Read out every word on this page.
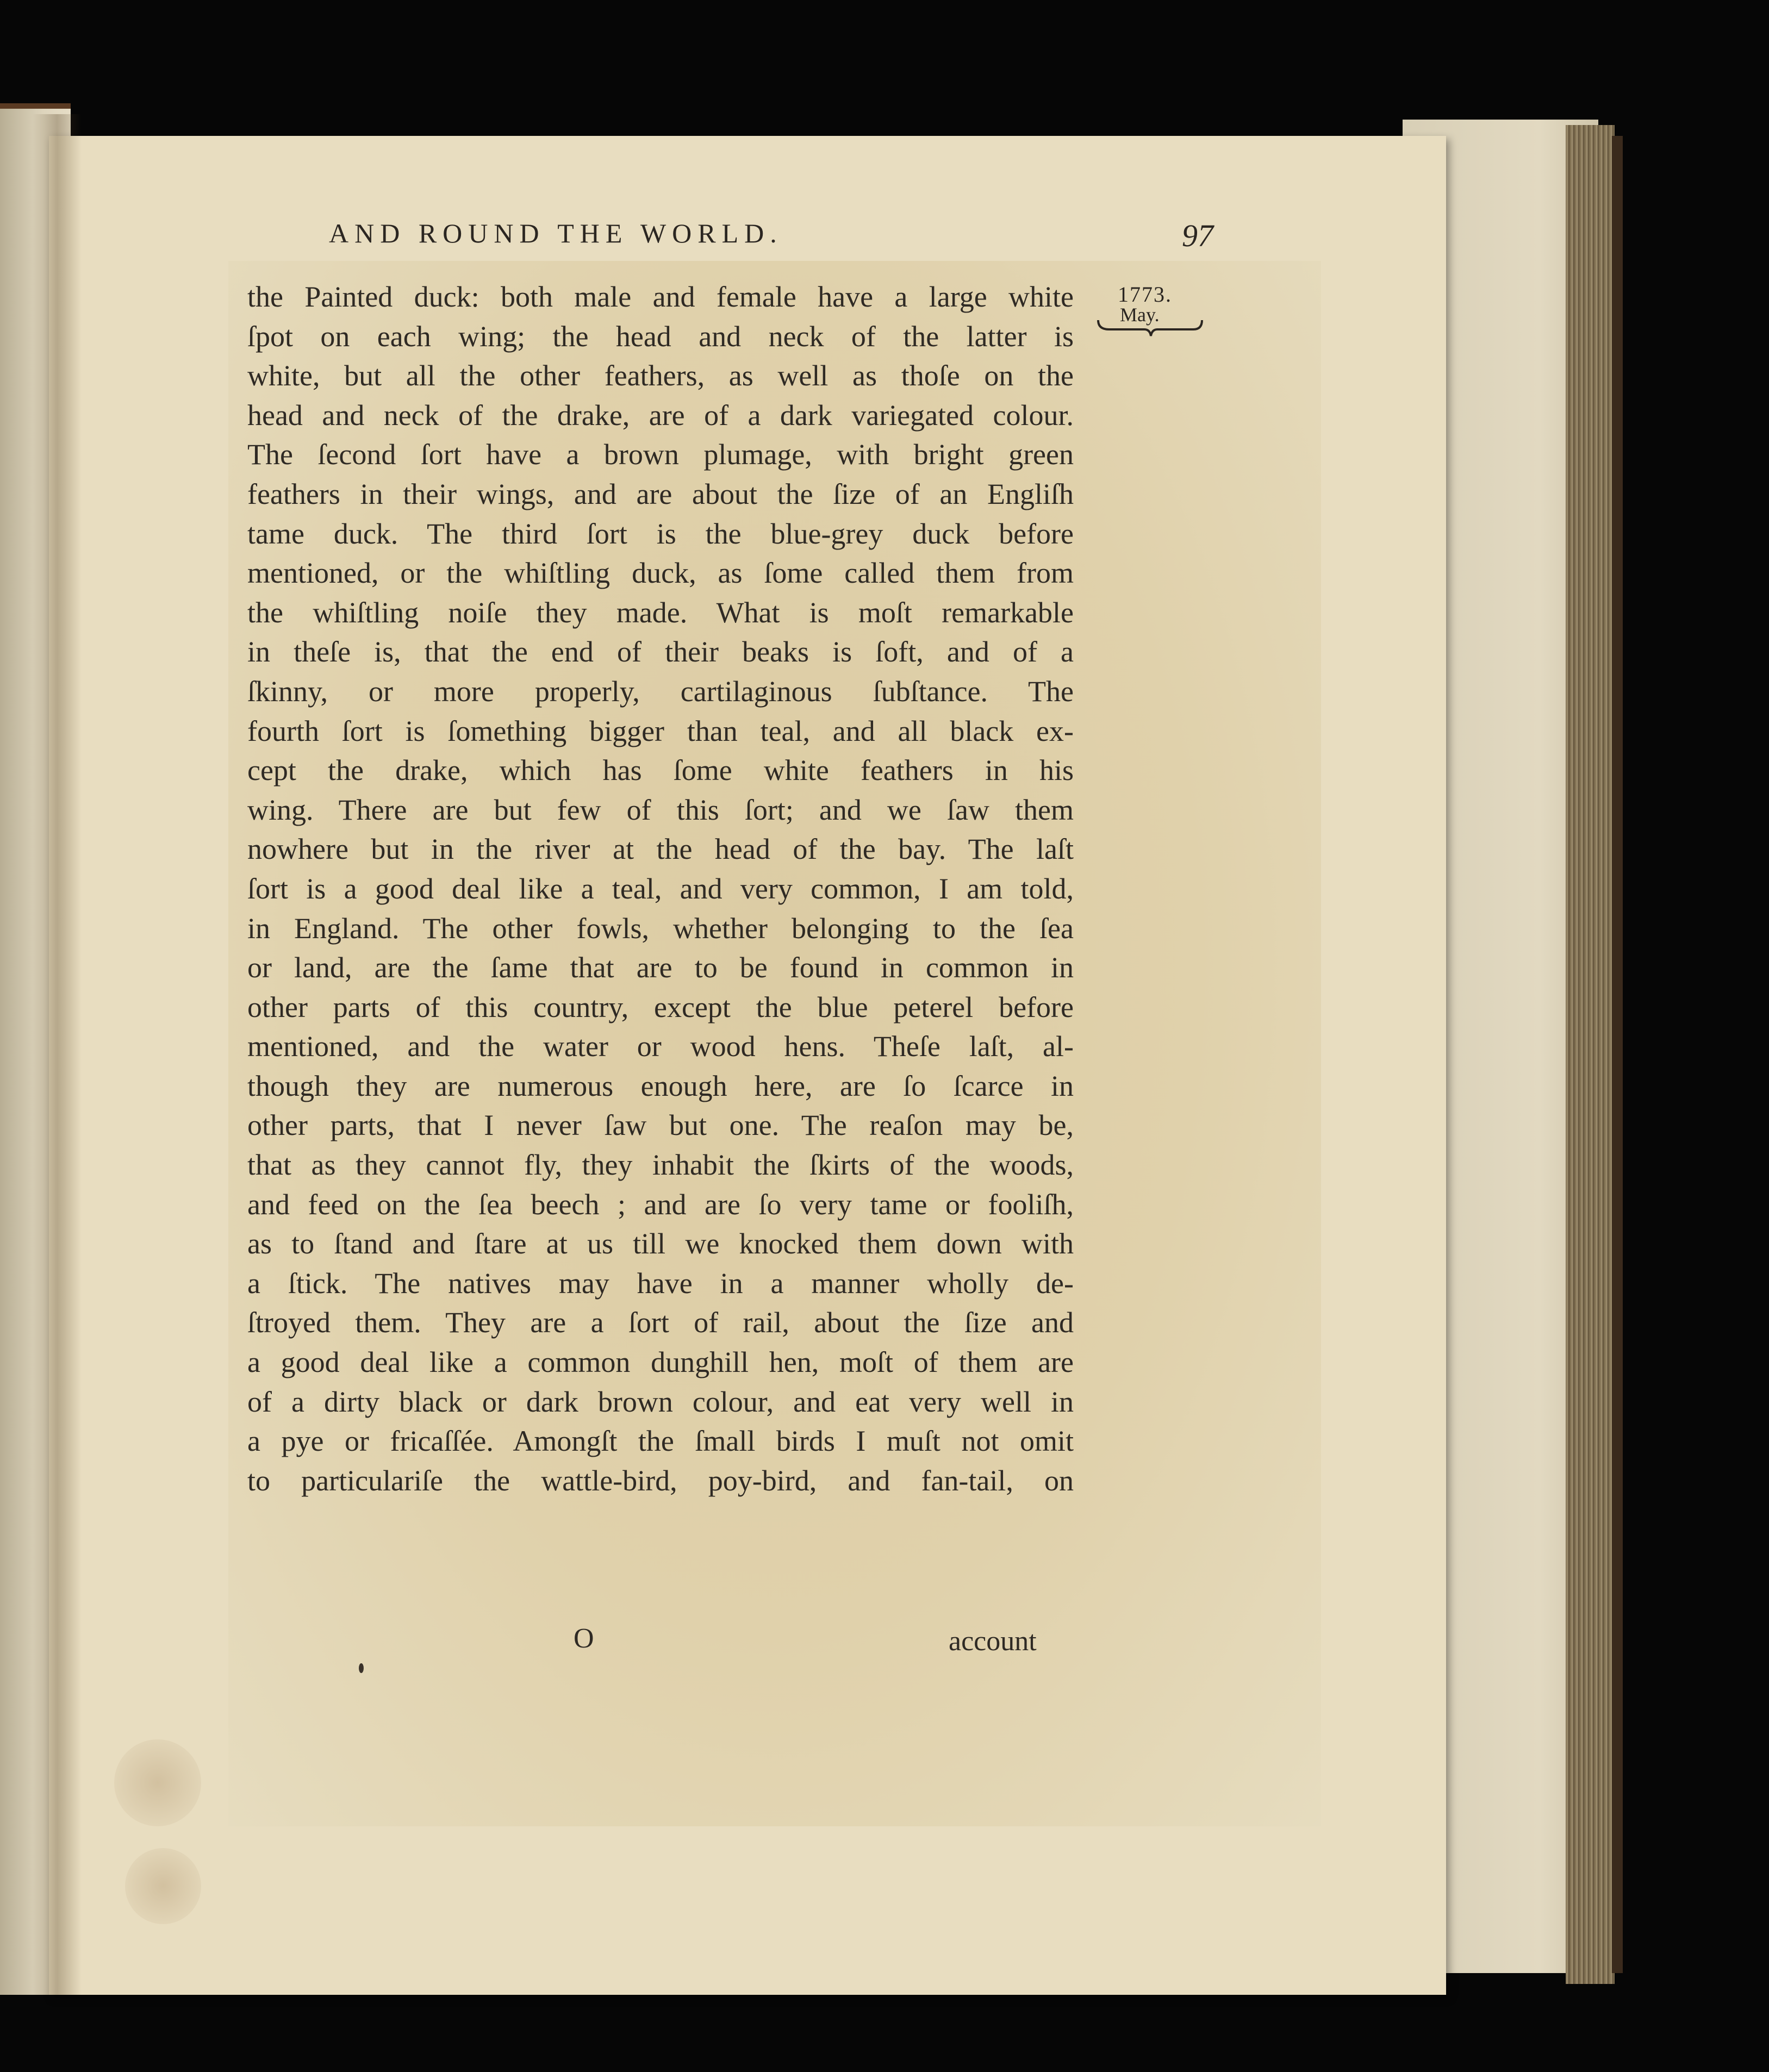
AND ROUND THE WORLD.	97
1773.
May.
the Painted duck: both male and female have a large white
ſpot on each wing; the head and neck of the latter is
white, but all the other feathers, as well as thoſe on the
head and neck of the drake, are of a dark variegated colour.
The ſecond ſort have a brown plumage, with bright green
feathers in their wings, and are about the ſize of an Engliſh
tame duck. The third ſort is the blue-grey duck before
mentioned, or the whiſtling duck, as ſome called them from
the whiſtling noiſe they made. What is moſt remarkable
in theſe is, that the end of their beaks is ſoft, and of a
ſkinny, or more properly, cartilaginous ſubſtance. The
fourth ſort is ſomething bigger than teal, and all black ex-
cept the drake, which has ſome white feathers in his
wing. There are but few of this ſort; and we ſaw them
nowhere but in the river at the head of the bay. The laſt
ſort is a good deal like a teal, and very common, I am told,
in England. The other fowls, whether belonging to the ſea
or land, are the ſame that are to be found in common in
other parts of this country, except the blue peterel before
mentioned, and the water or wood hens. Theſe laſt, al-
though they are numerous enough here, are ſo ſcarce in
other parts, that I never ſaw but one. The reaſon may be,
that as they cannot fly, they inhabit the ſkirts of the woods,
and feed on the ſea beech ; and are ſo very tame or fooliſh,
as to ſtand and ſtare at us till we knocked them down with
a ſtick. The natives may have in a manner wholly de-
ſtroyed them. They are a ſort of rail, about the ſize and
a good deal like a common dunghill hen, moſt of them are
of a dirty black or dark brown colour, and eat very well in
a pye or fricaſſée. Amongſt the ſmall birds I muſt not omit
to particulariſe the wattle-bird, poy-bird, and fan-tail, on
O	account
